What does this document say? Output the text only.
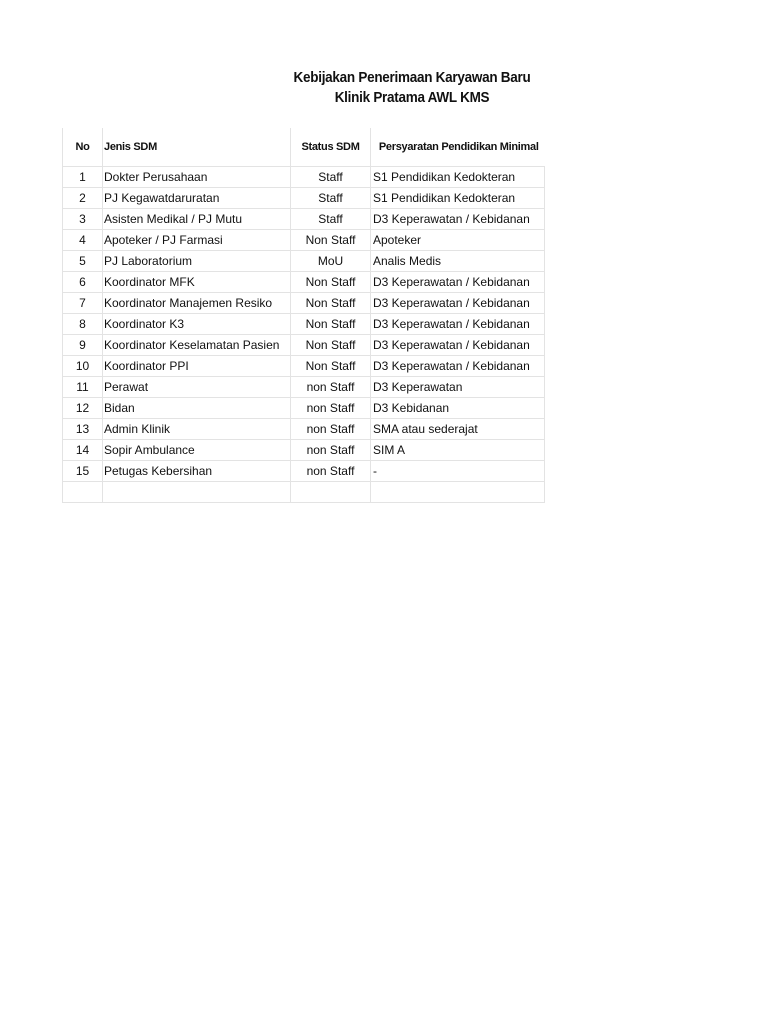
Kebijakan Penerimaan Karyawan Baru
Klinik Pratama AWL KMS
No	Jenis SDM	Status SDM	Persyaratan Pendidikan Minimal
1	Dokter Perusahaan	Staff	S1 Pendidikan Kedokteran
2	PJ Kegawatdaruratan	Staff	S1 Pendidikan Kedokteran
3	Asisten Medikal / PJ Mutu	Staff	D3 Keperawatan / Kebidanan
4	Apoteker / PJ Farmasi	Non Staff	Apoteker
5	PJ Laboratorium	MoU	Analis Medis
6	Koordinator MFK	Non Staff	D3 Keperawatan / Kebidanan
7	Koordinator Manajemen Resiko	Non Staff	D3 Keperawatan / Kebidanan
8	Koordinator K3	Non Staff	D3 Keperawatan / Kebidanan
9	Koordinator Keselamatan Pasien	Non Staff	D3 Keperawatan / Kebidanan
10	Koordinator PPI	Non Staff	D3 Keperawatan / Kebidanan
11	Perawat	non Staff	D3 Keperawatan
12	Bidan	non Staff	D3 Kebidanan
13	Admin Klinik	non Staff	SMA atau sederajat
14	Sopir Ambulance	non Staff	SIM A
15	Petugas Kebersihan	non Staff	-
